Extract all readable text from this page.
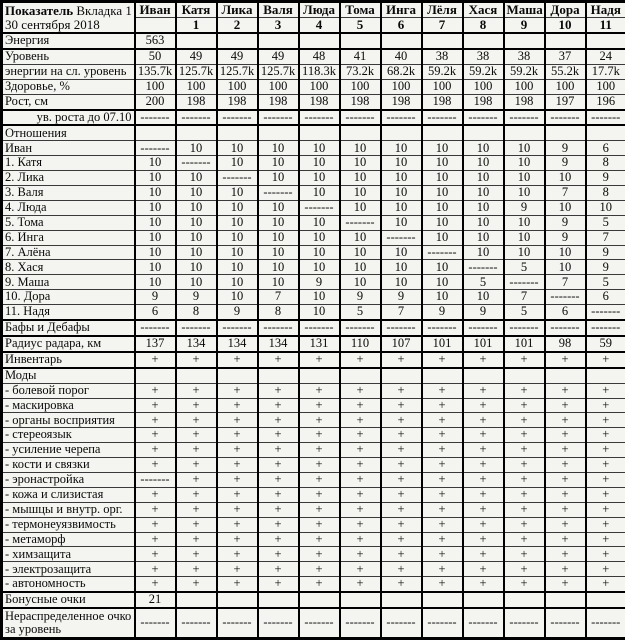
Показатель Вкладка 1
30 сентября 2018	Иван	Катя	Лика	Валя	Люда	Тома	Инга	Лёля	Хася	Маша	Дора	Надя
		1	2	3	4	5	6	7	8	9	10	11
Энергия	563											
Уровень	50	49	49	49	48	41	40	38	38	38	37	24
энергии на сл. уровень	135.7k	125.7k	125.7k	125.7k	118.3k	73.2k	68.2k	59.2k	59.2k	59.2k	55.2k	17.7k
Здоровье, %	100	100	100	100	100	100	100	100	100	100	100	100
Рост, см	200	198	198	198	198	198	198	198	198	198	197	196
ув. роста до 07.10	-------	-------	-------	-------	-------	-------	-------	-------	-------	-------	-------	-------
Отношения												
Иван	-------	10	10	10	10	10	10	10	10	10	9	6
1. Катя	10	-------	10	10	10	10	10	10	10	10	9	8
2. Лика	10	10	-------	10	10	10	10	10	10	10	10	9
3. Валя	10	10	10	-------	10	10	10	10	10	10	7	8
4. Люда	10	10	10	10	-------	10	10	10	10	9	10	10
5. Тома	10	10	10	10	10	-------	10	10	10	10	9	5
6. Инга	10	10	10	10	10	10	-------	10	10	10	9	7
7. Алёна	10	10	10	10	10	10	10	-------	10	10	10	9
8. Хася	10	10	10	10	10	10	10	10	-------	5	10	9
9. Маша	10	10	10	10	9	10	10	10	5	-------	7	5
10. Дора	9	9	10	7	10	9	9	10	10	7	-------	6
11. Надя	6	8	9	8	10	5	7	9	9	5	6	-------
Бафы и Дебафы	-------	-------	-------	-------	-------	-------	-------	-------	-------	-------	-------	-------
Радиус радара, км	137	134	134	134	131	110	107	101	101	101	98	59
Инвентарь	+	+	+	+	+	+	+	+	+	+	+	+
Моды												
- болевой порог	+	+	+	+	+	+	+	+	+	+	+	+
- маскировка	+	+	+	+	+	+	+	+	+	+	+	+
- органы восприятия	+	+	+	+	+	+	+	+	+	+	+	+
- стереоязык	+	+	+	+	+	+	+	+	+	+	+	+
- усиление черепа	+	+	+	+	+	+	+	+	+	+	+	+
- кости и связки	+	+	+	+	+	+	+	+	+	+	+	+
- эронастройка	-------	+	+	+	+	+	+	+	+	+	+	+
- кожа и слизистая	+	+	+	+	+	+	+	+	+	+	+	+
- мышцы и внутр. орг.	+	+	+	+	+	+	+	+	+	+	+	+
- термонеуязвимость	+	+	+	+	+	+	+	+	+	+	+	+
- метаморф	+	+	+	+	+	+	+	+	+	+	+	+
- химзащита	+	+	+	+	+	+	+	+	+	+	+	+
- электрозащита	+	+	+	+	+	+	+	+	+	+	+	+
- автономность	+	+	+	+	+	+	+	+	+	+	+	+
Бонусные очки	21											
Нераспределенное очко за уровень	-------	-------	-------	-------	-------	-------	-------	-------	-------	-------	-------	-------
